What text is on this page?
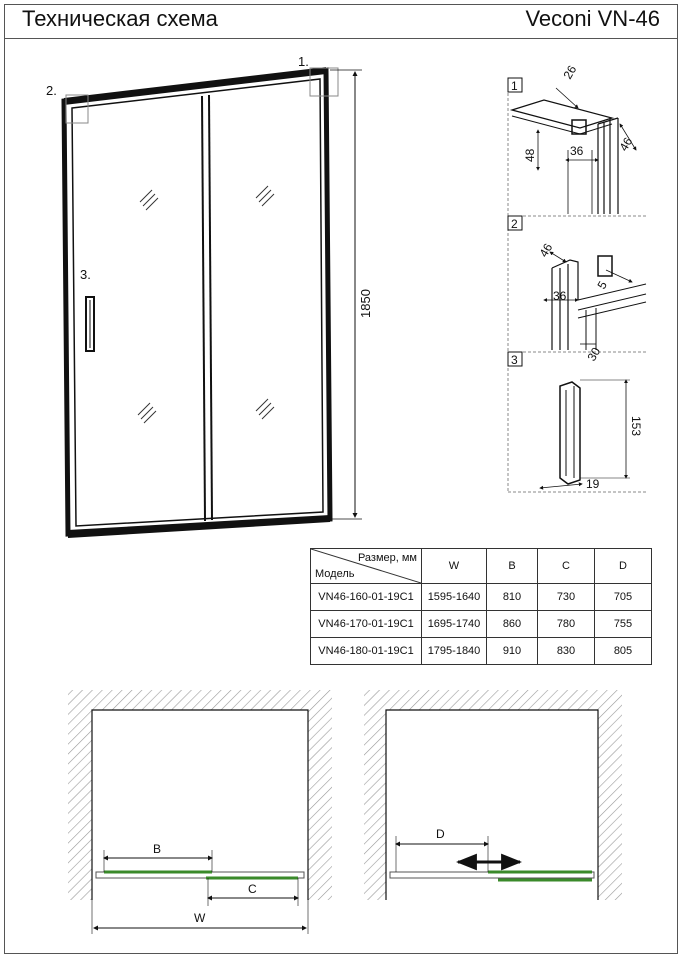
Техническая схема	Veconi VN-46
1.
2.
3.
1850
1
26
48	36	46
2
46
36
5
30
3
153
19
B
C
W
D
Размер, мм
Модель	W	B	C	D
VN46-160-01-19C1	1595-1640	810	730	705
VN46-170-01-19C1	1695-1740	860	780	755
VN46-180-01-19C1	1795-1840	910	830	805
